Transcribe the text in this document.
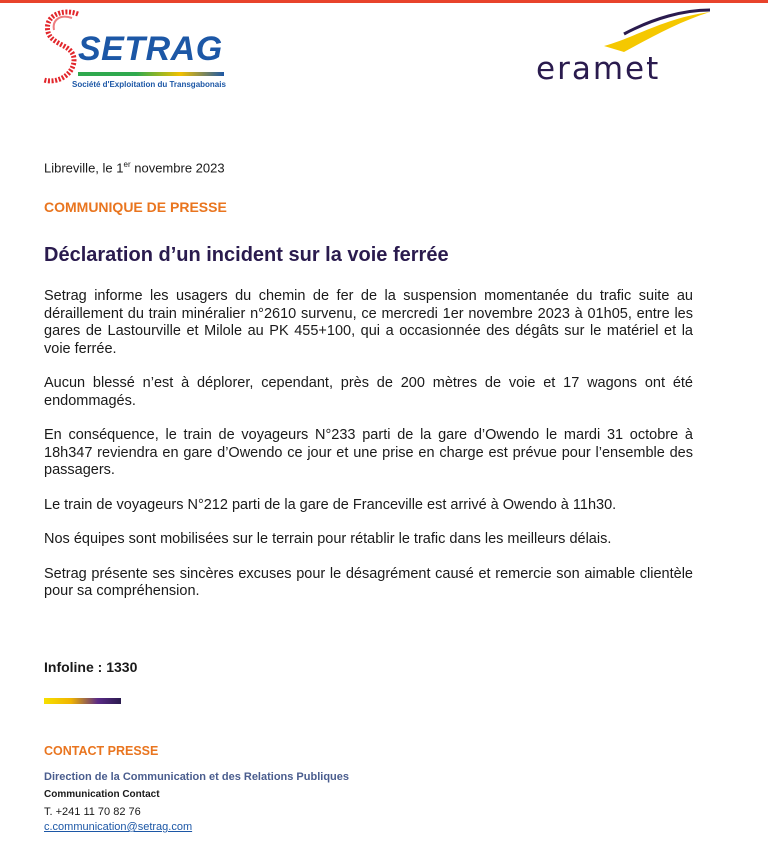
SETRAG
Société d'Exploitation du Transgabonais	eramet
Libreville, le 1er novembre 2023
COMMUNIQUE DE PRESSE
Déclaration d’un incident sur la voie ferrée

Setrag informe les usagers du chemin de fer de la suspension momentanée du trafic suite au déraillement du train minéralier n°2610 survenu, ce mercredi 1er novembre 2023 à 01h05, entre les gares de Lastourville et Milole au PK 455+100, qui a occasionnée des dégâts sur le matériel et la voie ferrée.

Aucun blessé n’est à déplorer, cependant, près de 200 mètres de voie et 17 wagons ont été endommagés.

En conséquence, le train de voyageurs N°233 parti de la gare d’Owendo le mardi 31 octobre à 18h347 reviendra en gare d’Owendo ce jour et une prise en charge est prévue pour l’ensemble des passagers.

Le train de voyageurs N°212 parti de la gare de Franceville est arrivé à Owendo à 11h30.

Nos équipes sont mobilisées sur le terrain pour rétablir le trafic dans les meilleurs délais.

Setrag présente ses sincères excuses pour le désagrément causé et remercie son aimable clientèle pour sa compréhension.

Infoline : 1330
CONTACT PRESSE
Direction de la Communication et des Relations Publiques
Communication Contact
T. +241 11 70 82 76
c.communication@setrag.com
